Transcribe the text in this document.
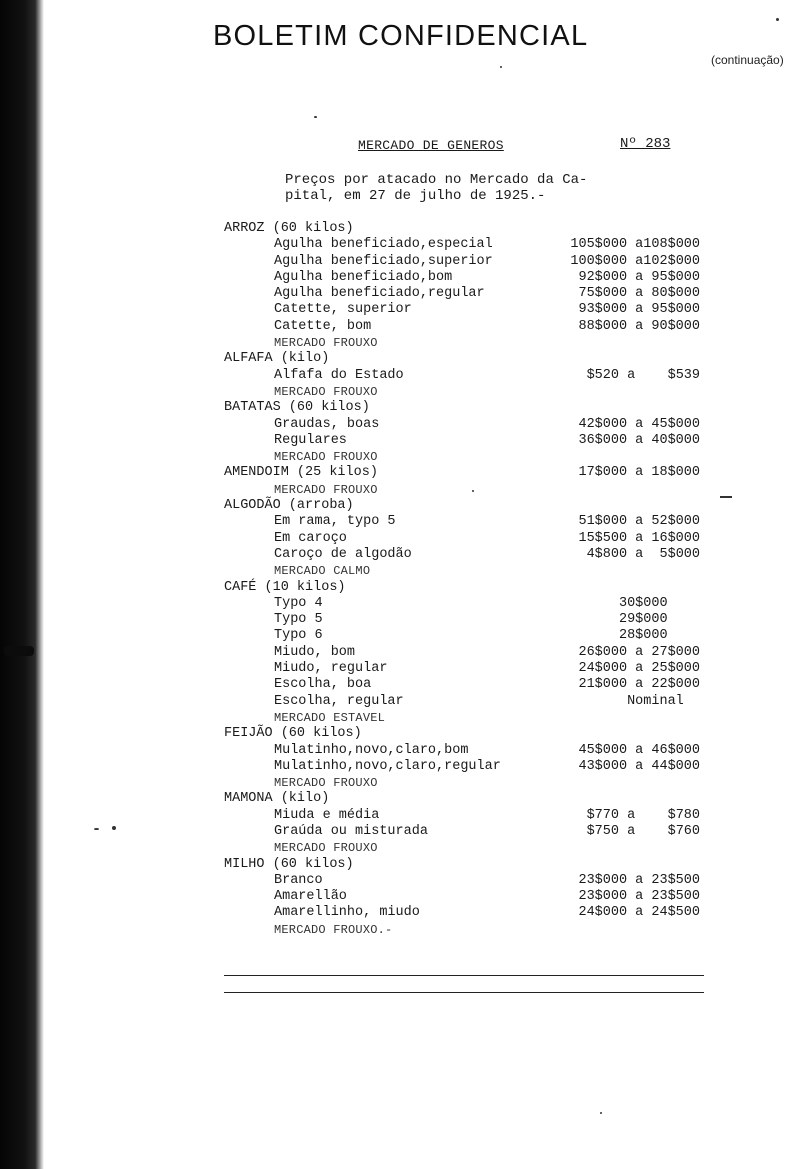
BOLETIM CONFIDENCIAL
(continuação)
MERCADO DE GENEROS	Nº 283
Preços por atacado no Mercado da Ca-
pital, em 27 de julho de 1925.-
ARROZ (60 kilos)
Agulha beneficiado,especial	105$000 a108$000
Agulha beneficiado,superior	100$000 a102$000
Agulha beneficiado,bom	92$000 a 95$000
Agulha beneficiado,regular	75$000 a 80$000
Catette, superior	93$000 a 95$000
Catette, bom	88$000 a 90$000
MERCADO FROUXO
ALFAFA (kilo)
Alfafa do Estado	$520 a    $539
MERCADO FROUXO
BATATAS (60 kilos)
Graudas, boas	42$000 a 45$000
Regulares	36$000 a 40$000
MERCADO FROUXO
AMENDOIM (25 kilos)	17$000 a 18$000
MERCADO FROUXO
ALGODÃO (arroba)
Em rama, typo 5	51$000 a 52$000
Em caroço	15$500 a 16$000
Caroço de algodão	4$800 a  5$000
MERCADO CALMO
CAFÉ (10 kilos)
Typo 4	30$000
Typo 5	29$000
Typo 6	28$000
Miudo, bom	26$000 a 27$000
Miudo, regular	24$000 a 25$000
Escolha, boa	21$000 a 22$000
Escolha, regular	Nominal
MERCADO ESTAVEL
FEIJÃO (60 kilos)
Mulatinho,novo,claro,bom	45$000 a 46$000
Mulatinho,novo,claro,regular	43$000 a 44$000
MERCADO FROUXO
MAMONA (kilo)
Miuda e média	$770 a    $780
Graúda ou misturada	$750 a    $760
MERCADO FROUXO
MILHO (60 kilos)
Branco	23$000 a 23$500
Amarellão	23$000 a 23$500
Amarellinho, miudo	24$000 a 24$500
MERCADO FROUXO.-
